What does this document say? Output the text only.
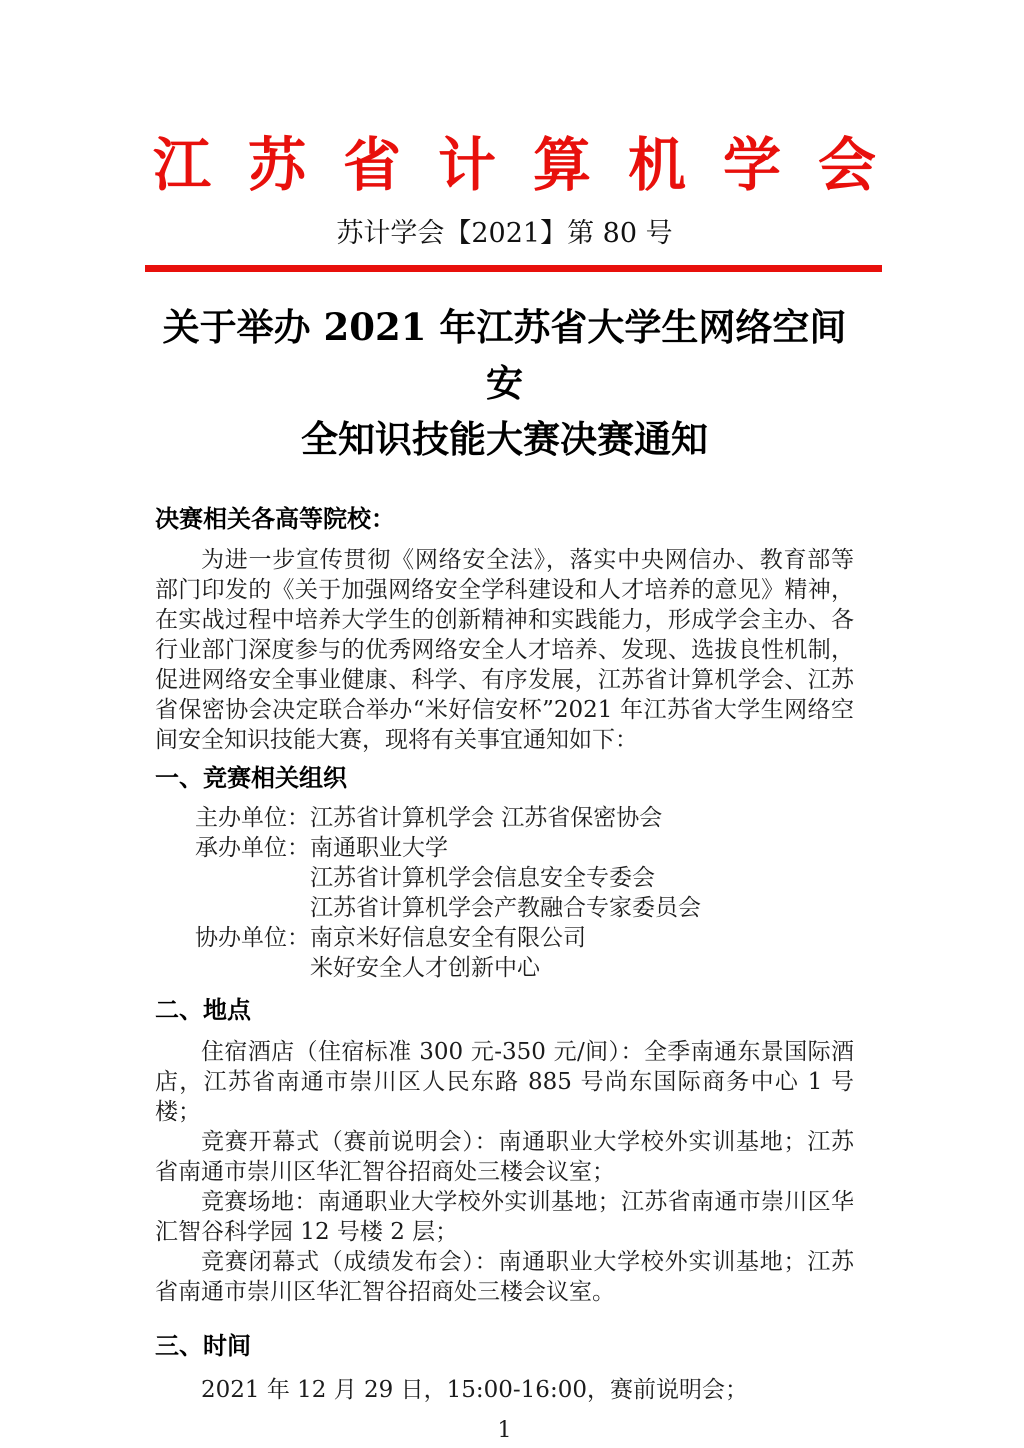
江 苏 省 计 算 机 学 会
苏计学会【2021】第 80 号
关于举办 2021 年江苏省大学生网络空间安
全知识技能大赛决赛通知
决赛相关各高等院校：

为进一步宣传贯彻《网络安全法》，落实中央网信办、教育部等部门印发的《关于加强网络安全学科建设和人才培养的意见》精神，在实战过程中培养大学生的创新精神和实践能力，形成学会主办、各行业部门深度参与的优秀网络安全人才培养、发现、选拔良性机制，促进网络安全事业健康、科学、有序发展，江苏省计算机学会、江苏省保密协会决定联合举办“米好信安杯”2021 年江苏省大学生网络空间安全知识技能大赛，现将有关事宜通知如下：

一、竞赛相关组织
主办单位： 江苏省计算机学会 江苏省保密协会
承办单位： 南通职业大学
江苏省计算机学会信息安全专委会
江苏省计算机学会产教融合专家委员会
协办单位： 南京米好信息安全有限公司
米好安全人才创新中心
二、地点

住宿酒店（住宿标准 300 元-350 元/间）：全季南通东景国际酒店，江苏省南通市崇川区人民东路 885 号尚东国际商务中心 1 号楼；

竞赛开幕式（赛前说明会）：南通职业大学校外实训基地；江苏省南通市崇川区华汇智谷招商处三楼会议室；

竞赛场地：南通职业大学校外实训基地；江苏省南通市崇川区华汇智谷科学园 12 号楼 2 层；

竞赛闭幕式（成绩发布会）：南通职业大学校外实训基地；江苏省南通市崇川区华汇智谷招商处三楼会议室。

三、时间

2021 年 12 月 29 日，15:00-16:00，赛前说明会；

1
